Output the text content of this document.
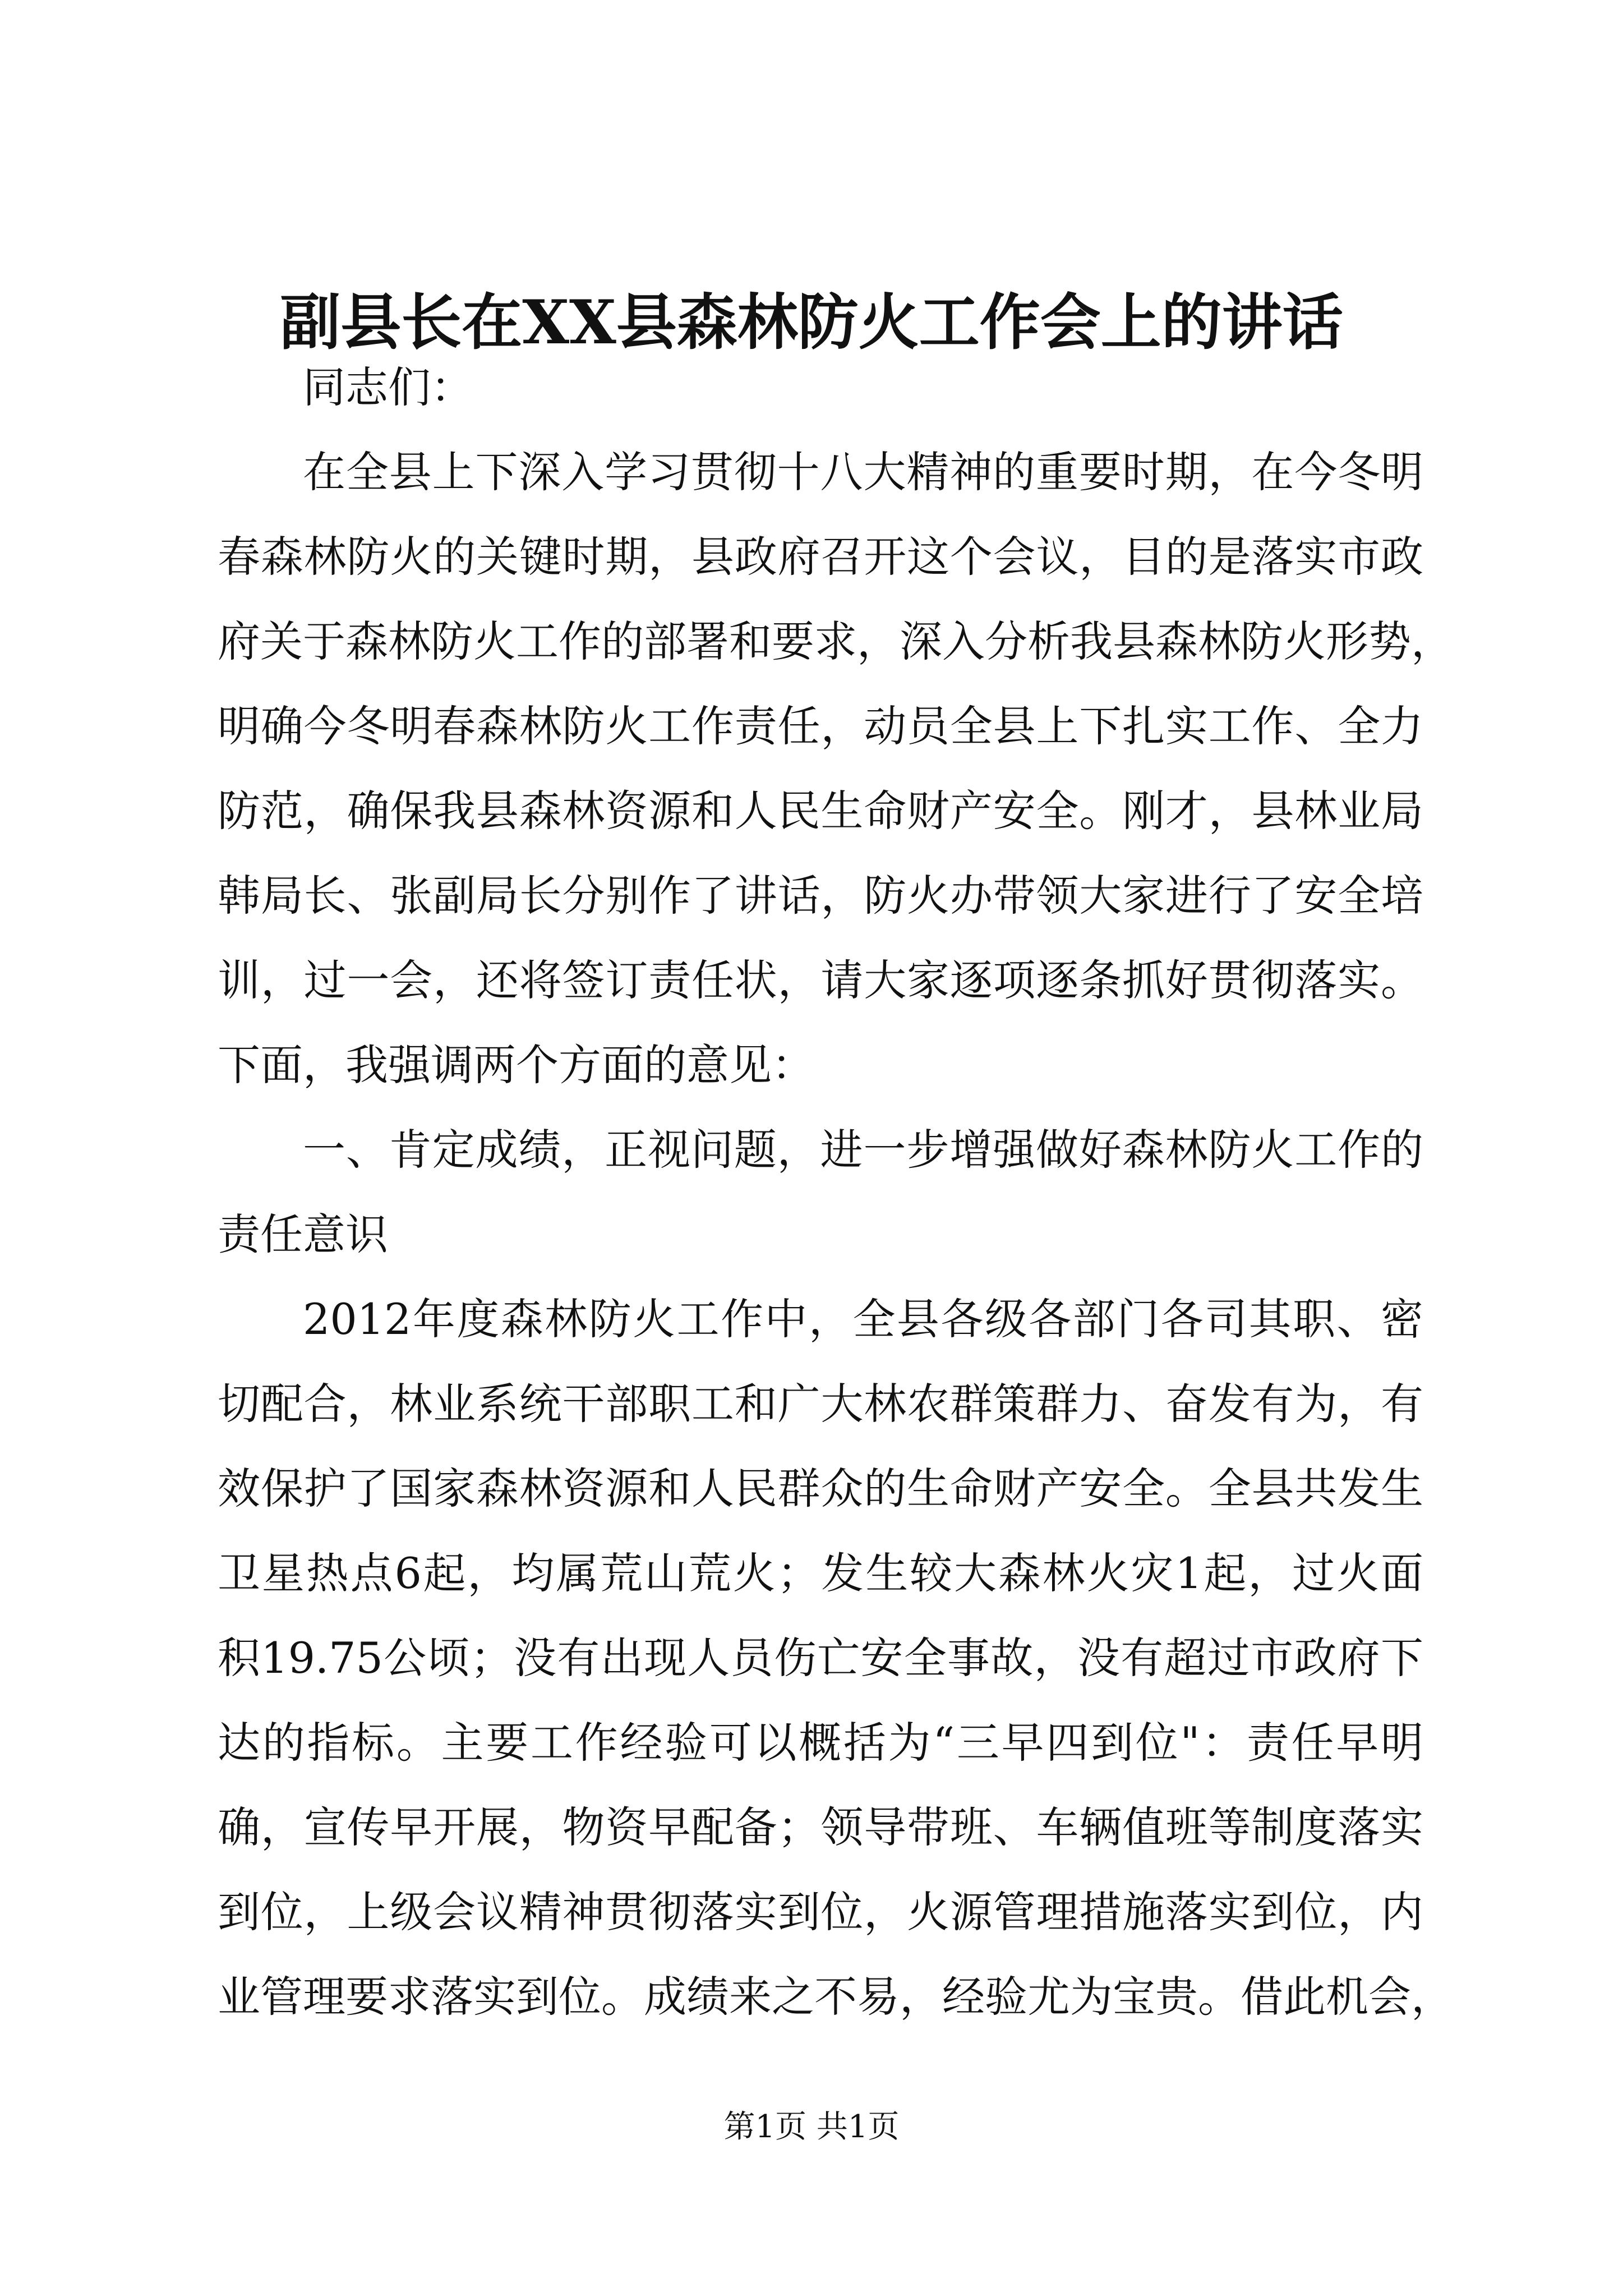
副县长在XX县森林防火工作会上的讲话
同志们：
在全县上下深入学习贯彻十八大精神的重要时期，在今冬明
春森林防火的关键时期，县政府召开这个会议，目的是落实市政
府关于森林防火工作的部署和要求，深入分析我县森林防火形势，
明确今冬明春森林防火工作责任，动员全县上下扎实工作、全力
防范，确保我县森林资源和人民生命财产安全。刚才，县林业局
韩局长、张副局长分别作了讲话，防火办带领大家进行了安全培
训，过一会，还将签订责任状，请大家逐项逐条抓好贯彻落实。
下面，我强调两个方面的意见：
一、肯定成绩，正视问题，进一步增强做好森林防火工作的
责任意识
2012年度森林防火工作中，全县各级各部门各司其职、密
切配合，林业系统干部职工和广大林农群策群力、奋发有为，有
效保护了国家森林资源和人民群众的生命财产安全。全县共发生
卫星热点6起，均属荒山荒火；发生较大森林火灾1起，过火面
积19.75公顷；没有出现人员伤亡安全事故，没有超过市政府下
达的指标。主要工作经验可以概括为“三早四到位"：责任早明
确，宣传早开展，物资早配备；领导带班、车辆值班等制度落实
到位，上级会议精神贯彻落实到位，火源管理措施落实到位，内
业管理要求落实到位。成绩来之不易，经验尤为宝贵。借此机会，
第1页 共1页
